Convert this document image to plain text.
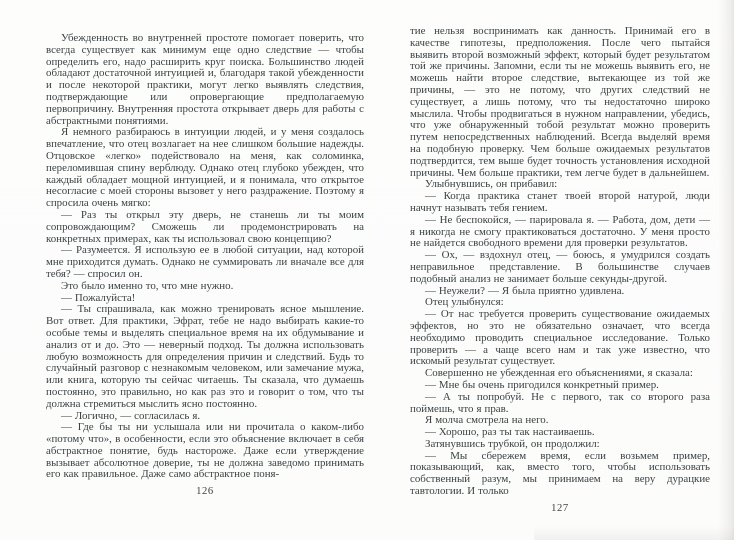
Убежденность во внутренней простоте помогает поверить, что всегда существует как минимум еще одно следствие — чтобы определить его, надо расширить круг поиска. Большинство людей обладают достаточной интуицией и, благодаря такой убежденности и после некоторой практики, могут легко выявлять следствия, подтверждающие или опровергающие предполагаемую первопричину. Внутренняя простота открывает дверь для работы с абстрактными понятиями.

Я немного разбираюсь в интуиции людей, и у меня создалось впечатление, что отец возлагает на нее слишком большие надежды. Отцовское «легко» подействовало на меня, как соломинка, переломившая спину верблюду. Однако отец глубоко убежден, что каждый обладает мощной интуицией, и я понимала, что открытое несогласие с моей стороны вызовет у него раздражение. Поэтому я спросила очень мягко:

— Раз ты открыл эту дверь, не станешь ли ты моим сопровождающим? Сможешь ли продемонстрировать на конкретных примерах, как ты использовал свою концепцию?

— Разумеется. Я использую ее в любой ситуации, над которой мне приходится думать. Однако не суммировать ли вначале все для тебя? — спросил он.

Это было именно то, что мне нужно.

— Пожалуйста!

— Ты спрашивала, как можно тренировать ясное мышление. Вот ответ. Для практики, Эфрат, тебе не надо выбирать какие-то особые темы и выделять специальное время на их обдумывание и анализ от и до. Это — неверный подход. Ты должна использовать любую возможность для определения причин и следствий. Будь то случайный разговор с незнакомым человеком, или замечание мужа, или книга, которую ты сейчас читаешь. Ты сказала, что думаешь постоянно, это правильно, но как раз это и говорит о том, что ты должна стремиться мыслить ясно постоянно.

— Логично, — согласилась я.

— Где бы ты ни услышала или ни прочитала о каком-либо «потому что», в особенности, если это объяснение включает в себя абстрактное понятие, будь настороже. Даже если утверждение вызывает абсолютное доверие, ты не должна заведомо принимать его как правильное. Даже само абстрактное поня-

126

тие нельзя воспринимать как данность. Принимай его в качестве гипотезы, предположения. После чего пытайся выявить второй возможный эффект, который будет результатом той же причины. Запомни, если ты не можешь выявить его, не можешь найти второе следствие, вытекающее из той же причины, — это не потому, что других следствий не существует, а лишь потому, что ты недостаточно широко мыслила. Чтобы продвигаться в нужном направлении, убедись, что уже обнаруженный тобой результат можно проверить путем непосредственных наблюдений. Всегда выделяй время на подобную проверку. Чем больше ожидаемых результатов подтвердится, тем выше будет точность установления исходной причины. Чем больше практики, тем легче будет в дальнейшем.

Улыбнувшись, он прибавил:

— Когда практика станет твоей второй натурой, люди начнут называть тебя гением.

— Не беспокойся, — парировала я. — Работа, дом, дети — я никогда не смогу практиковаться достаточно. У меня просто не найдется свободного времени для проверки результатов.

— Ох, — вздохнул отец, — боюсь, я умудрился создать неправильное представление. В большинстве случаев подобный анализ не занимает больше секунды-другой.

— Неужели? — Я была приятно удивлена.

Отец улыбнулся:

— От нас требуется проверить существование ожидаемых эффектов, но это не обязательно означает, что всегда необходимо проводить специальное исследование. Только проверить — а чаще всего нам и так уже известно, что искомый результат существует.

Совершенно не убежденная его объяснениями, я сказала:

— Мне бы очень пригодился конкретный пример.

— А ты попробуй. Не с первого, так со второго раза поймешь, что я прав.

Я молча смотрела на него.

— Хорошо, раз ты так настаиваешь.

Затянувшись трубкой, он продолжил:

— Мы сбережем время, если возьмем пример, показывающий, как, вместо того, чтобы использовать собственный разум, мы принимаем на веру дурацкие тавтологии. И только

127
